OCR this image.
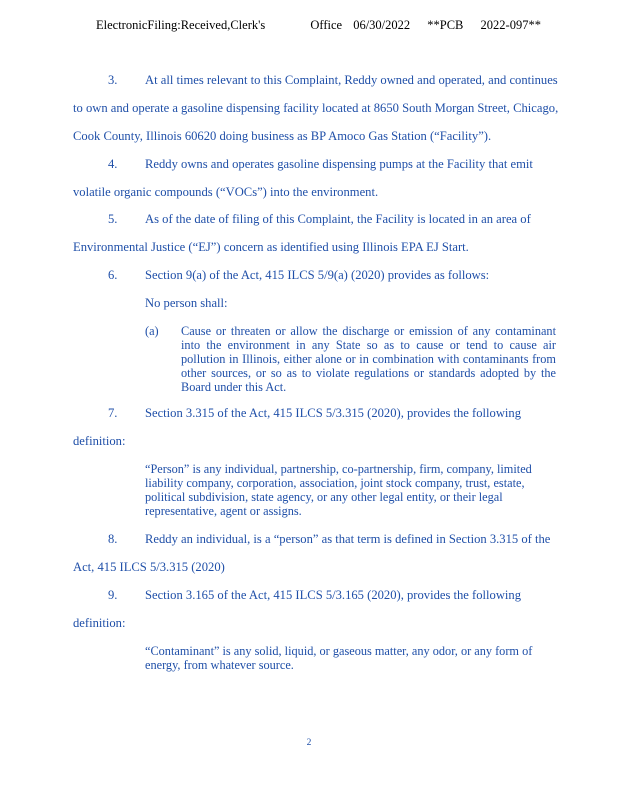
ElectronicFiling:Received,Clerk's	Office 06/30/2022 **PCB 2022-097**
3. At all times relevant to this Complaint, Reddy owned and operated, and continues
to own and operate a gasoline dispensing facility located at 8650 South Morgan Street, Chicago,
Cook County, Illinois 60620 doing business as BP Amoco Gas Station (“Facility”).
4. Reddy owns and operates gasoline dispensing pumps at the Facility that emit
volatile organic compounds (“VOCs”) into the environment.
5. As of the date of filing of this Complaint, the Facility is located in an area of
Environmental Justice (“EJ”) concern as identified using Illinois EPA EJ Start.
6. Section 9(a) of the Act, 415 ILCS 5/9(a) (2020) provides as follows:
No person shall:
(a) Cause or threaten or allow the discharge or emission of any contaminant into the environment in any State so as to cause or tend to cause air pollution in Illinois, either alone or in combination with contaminants from other sources, or so as to violate regulations or standards adopted by the Board under this Act.
7. Section 3.315 of the Act, 415 ILCS 5/3.315 (2020), provides the following
definition:
“Person” is any individual, partnership, co-partnership, firm, company, limited liability company, corporation, association, joint stock company, trust, estate, political subdivision, state agency, or any other legal entity, or their legal representative, agent or assigns.
8. Reddy an individual, is a “person” as that term is defined in Section 3.315 of the
Act, 415 ILCS 5/3.315 (2020)
9. Section 3.165 of the Act, 415 ILCS 5/3.165 (2020), provides the following
definition:
“Contaminant” is any solid, liquid, or gaseous matter, any odor, or any form of energy, from whatever source.
2
